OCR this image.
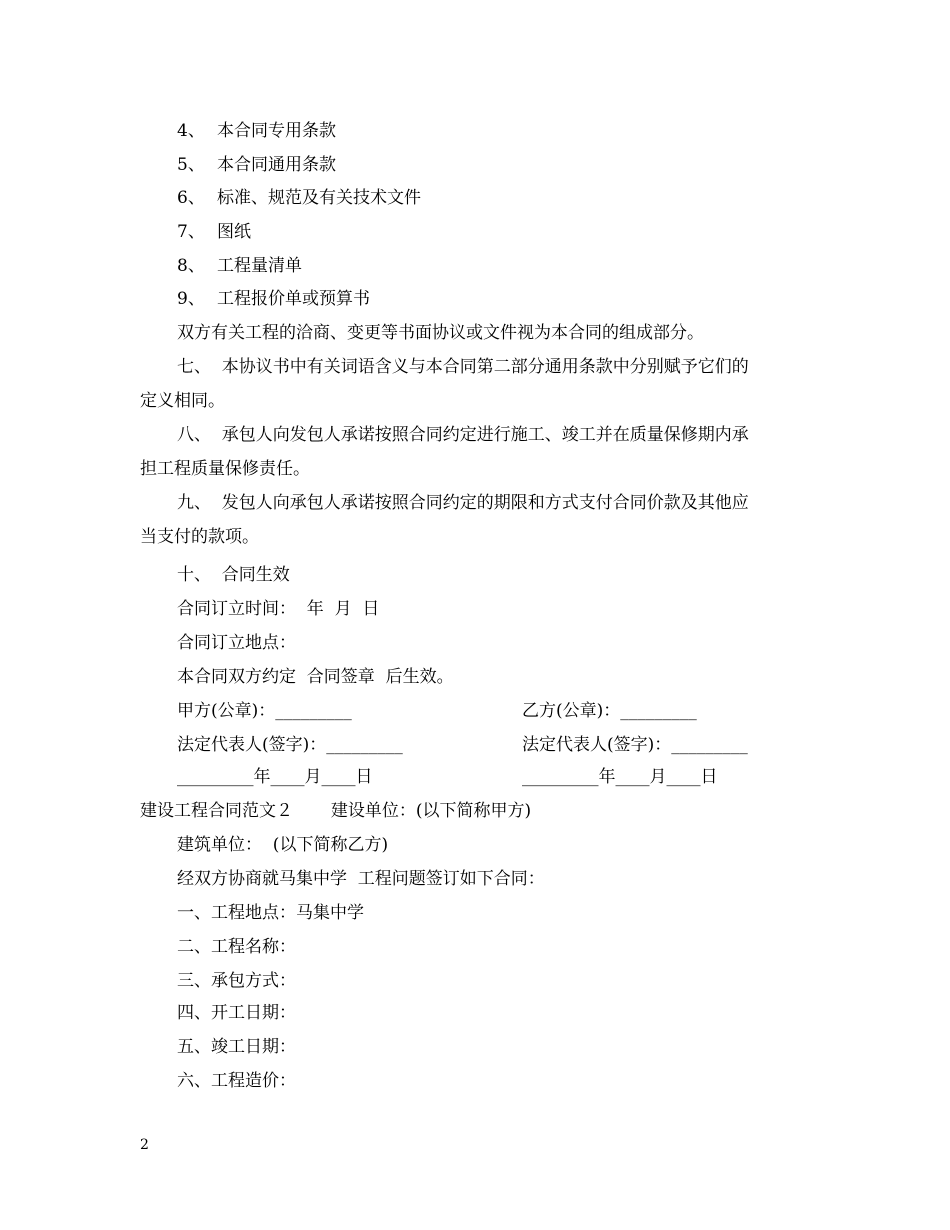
4、 本合同专用条款
5、 本合同通用条款
6、 标准、规范及有关技术文件
7、 图纸
8、 工程量清单
9、 工程报价单或预算书
双方有关工程的洽商、变更等书面协议或文件视为本合同的组成部分。
七、  本协议书中有关词语含义与本合同第二部分通用条款中分别赋予它们的
定义相同。
八、  承包人向发包人承诺按照合同约定进行施工、竣工并在质量保修期内承
担工程质量保修责任。
九、  发包人向承包人承诺按照合同约定的期限和方式支付合同价款及其他应
当支付的款项。
十、  合同生效
合同订立时间：  年  月  日
合同订立地点：
本合同双方约定  合同签章  后生效。
甲方(公章)：_________	乙方(公章)：_________
法定代表人(签字)：_________	法定代表人(签字)：_________
_________年____月____日	_________年____月____日
建设工程合同范文２       建设单位：(以下简称甲方)
建筑单位：  (以下简称乙方)
经双方协商就马集中学  工程问题签订如下合同：
一、工程地点：马集中学
二、工程名称：
三、承包方式：
四、开工日期：
五、竣工日期：
六、工程造价：
2
